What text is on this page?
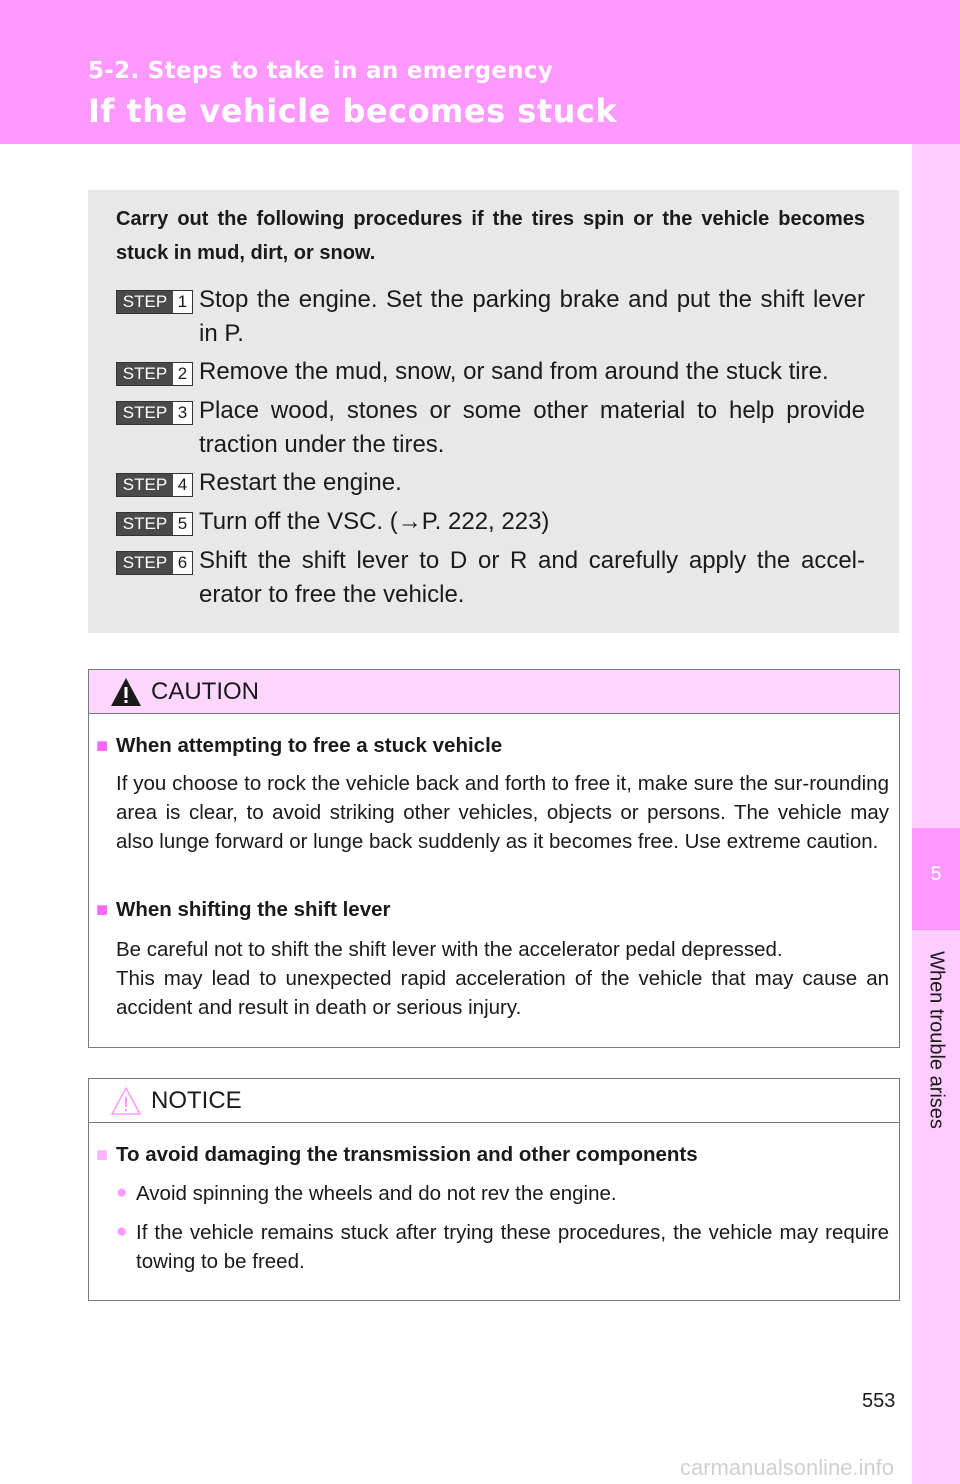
5-2. Steps to take in an emergency
If the vehicle becomes stuck
5
When trouble arises
Carry out the following procedures if the tires spin or the vehicle becomes stuck in mud, dirt, or snow.
STEP 1 Stop the engine. Set the parking brake and put the shift lever in P.
STEP 2 Remove the mud, snow, or sand from around the stuck tire.
STEP 3 Place wood, stones or some other material to help provide traction under the tires.
STEP 4 Restart the engine.
STEP 5 Turn off the VSC. (→P. 222, 223)
STEP 6 Shift the shift lever to D or R and carefully apply the accel-erator to free the vehicle.
CAUTION
■ When attempting to free a stuck vehicle
If you choose to rock the vehicle back and forth to free it, make sure the sur-rounding area is clear, to avoid striking other vehicles, objects or persons. The vehicle may also lunge forward or lunge back suddenly as it becomes free. Use extreme caution.
■ When shifting the shift lever
Be careful not to shift the shift lever with the accelerator pedal depressed.
This may lead to unexpected rapid acceleration of the vehicle that may cause an accident and result in death or serious injury.
NOTICE
■ To avoid damaging the transmission and other components
● Avoid spinning the wheels and do not rev the engine.
● If the vehicle remains stuck after trying these procedures, the vehicle may require towing to be freed.
553
carmanualsonline.info
